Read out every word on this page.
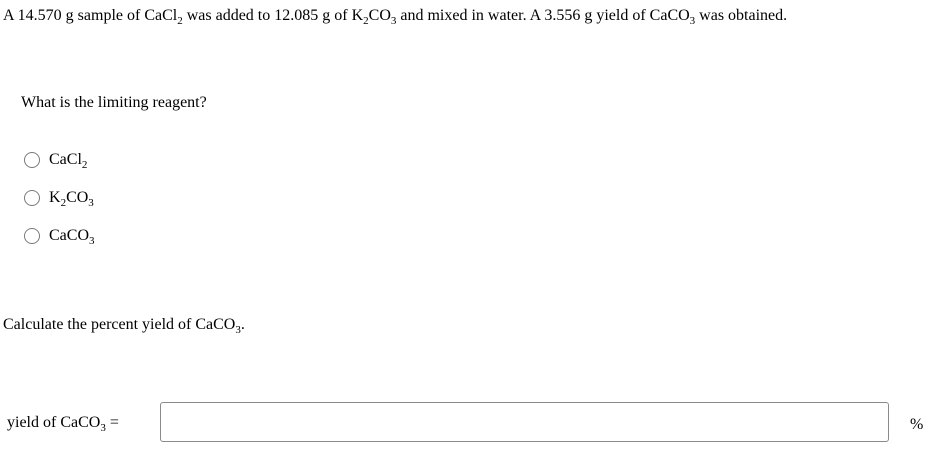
A 14.570 g sample of CaCl$_2$ was added to 12.085 g of $K_2CO_3$ and mixed in water. A 3.556 g yield of CaCO$_3$ was obtained.
What is the limiting reagent?
CaCl$_2$
$K_2CO_3$
CaCO$_3$
Calculate the percent yield of CaCO$_3$.
yield of CaCO$_3$ =	%
